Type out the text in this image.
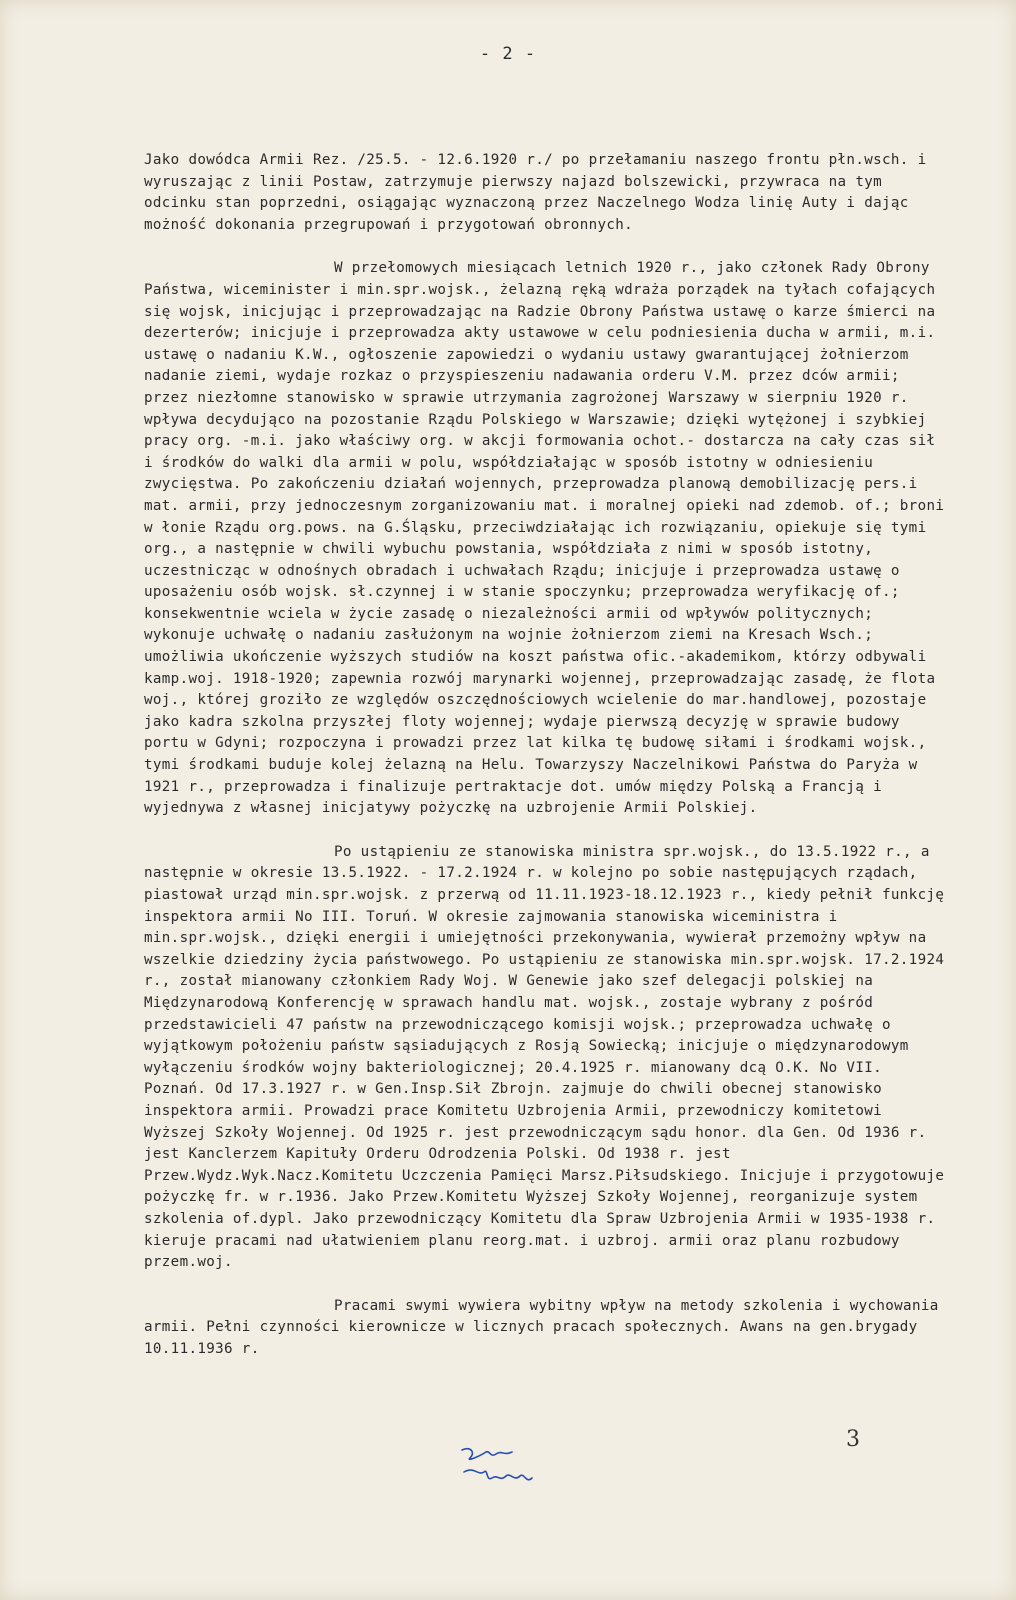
- 2 -

Jako dowódca Armii Rez. /25.5. - 12.6.1920 r./ po przełamaniu naszego frontu płn.wsch. i wyruszając z linii Postaw, zatrzymuje pierwszy najazd bolszewicki, przywraca na tym odcinku stan poprzedni, osiągając wyznaczoną przez Naczelnego Wodza linię Auty i dając możność dokonania przegrupowań i przygotowań obronnych.

W przełomowych miesiącach letnich 1920 r., jako członek Rady Obrony Państwa, wiceminister i min.spr.wojsk., żelazną ręką wdraża porządek na tyłach cofających się wojsk, inicjując i przeprowadzając na Radzie Obrony Państwa ustawę o karze śmierci na dezerterów; inicjuje i przeprowadza akty ustawowe w celu podniesienia ducha w armii, m.i. ustawę o nadaniu K.W., ogłoszenie zapowiedzi o wydaniu ustawy gwarantującej żołnierzom nadanie ziemi, wydaje rozkaz o przyspieszeniu nadawania orderu V.M. przez dców armii; przez niezłomne stanowisko w sprawie utrzymania zagrożonej Warszawy w sierpniu 1920 r. wpływa decydująco na pozostanie Rządu Polskiego w Warszawie; dzięki wytężonej i szybkiej pracy org. -m.i. jako właściwy org. w akcji formowania ochot.- dostarcza na cały czas sił i środków do walki dla armii w polu, współdziałając w sposób istotny w odniesieniu zwycięstwa. Po zakończeniu działań wojennych, przeprowadza planową demobilizację pers.i mat. armii, przy jednoczesnym zorganizowaniu mat. i moralnej opieki nad zdemob. of.; broni w łonie Rządu org.pows. na G.Śląsku, przeciwdziałając ich rozwiązaniu, opiekuje się tymi org., a następnie w chwili wybuchu powstania, współdziała z nimi w sposób istotny, uczestnicząc w odnośnych obradach i uchwałach Rządu; inicjuje i przeprowadza ustawę o uposażeniu osób wojsk. sł.czynnej i w stanie spoczynku; przeprowadza weryfikację of.; konsekwentnie wciela w życie zasadę o niezależności armii od wpływów politycznych; wykonuje uchwałę o nadaniu zasłużonym na wojnie żołnierzom ziemi na Kresach Wsch.; umożliwia ukończenie wyższych studiów na koszt państwa ofic.-akademikom, którzy odbywali kamp.woj. 1918-1920; zapewnia rozwój marynarki wojennej, przeprowadzając zasadę, że flota woj., której groziło ze względów oszczędnościowych wcielenie do mar.handlowej, pozostaje jako kadra szkolna przyszłej floty wojennej; wydaje pierwszą decyzję w sprawie budowy portu w Gdyni; rozpoczyna i prowadzi przez lat kilka tę budowę siłami i środkami wojsk., tymi środkami buduje kolej żelazną na Helu. Towarzyszy Naczelnikowi Państwa do Paryża w 1921 r., przeprowadza i finalizuje pertraktacje dot. umów między Polską a Francją i wyjednywa z własnej inicjatywy pożyczkę na uzbrojenie Armii Polskiej.

Po ustąpieniu ze stanowiska ministra spr.wojsk., do 13.5.1922 r., a następnie w okresie 13.5.1922. - 17.2.1924 r. w kolejno po sobie następujących rządach, piastował urząd min.spr.wojsk. z przerwą od 11.11.1923-18.12.1923 r., kiedy pełnił funkcję inspektora armii No III. Toruń. W okresie zajmowania stanowiska wiceministra i min.spr.wojsk., dzięki energii i umiejętności przekonywania, wywierał przemożny wpływ na wszelkie dziedziny życia państwowego. Po ustąpieniu ze stanowiska min.spr.wojsk. 17.2.1924 r., został mianowany członkiem Rady Woj. W Genewie jako szef delegacji polskiej na Międzynarodową Konferencję w sprawach handlu mat. wojsk., zostaje wybrany z pośród przedstawicieli 47 państw na przewodniczącego komisji wojsk.; przeprowadza uchwałę o wyjątkowym położeniu państw sąsiadujących z Rosją Sowiecką; inicjuje o międzynarodowym wyłączeniu środków wojny bakteriologicznej; 20.4.1925 r. mianowany dcą O.K. No VII. Poznań. Od 17.3.1927 r. w Gen.Insp.Sił Zbrojn. zajmuje do chwili obecnej stanowisko inspektora armii. Prowadzi prace Komitetu Uzbrojenia Armii, przewodniczy komitetowi Wyższej Szkoły Wojennej. Od 1925 r. jest przewodniczącym sądu honor. dla Gen. Od 1936 r. jest Kanclerzem Kapituły Orderu Odrodzenia Polski. Od 1938 r. jest Przew.Wydz.Wyk.Nacz.Komitetu Uczczenia Pamięci Marsz.Piłsudskiego. Inicjuje i przygotowuje pożyczkę fr. w r.1936. Jako Przew.Komitetu Wyższej Szkoły Wojennej, reorganizuje system szkolenia of.dypl. Jako przewodniczący Komitetu dla Spraw Uzbrojenia Armii w 1935-1938 r. kieruje pracami nad ułatwieniem planu reorg.mat. i uzbroj. armii oraz planu rozbudowy przem.woj.

Pracami swymi wywiera wybitny wpływ na metody szkolenia i wychowania armii. Pełni czynności kierownicze w licznych pracach społecznych. Awans na gen.brygady 10.11.1936 r.

3
